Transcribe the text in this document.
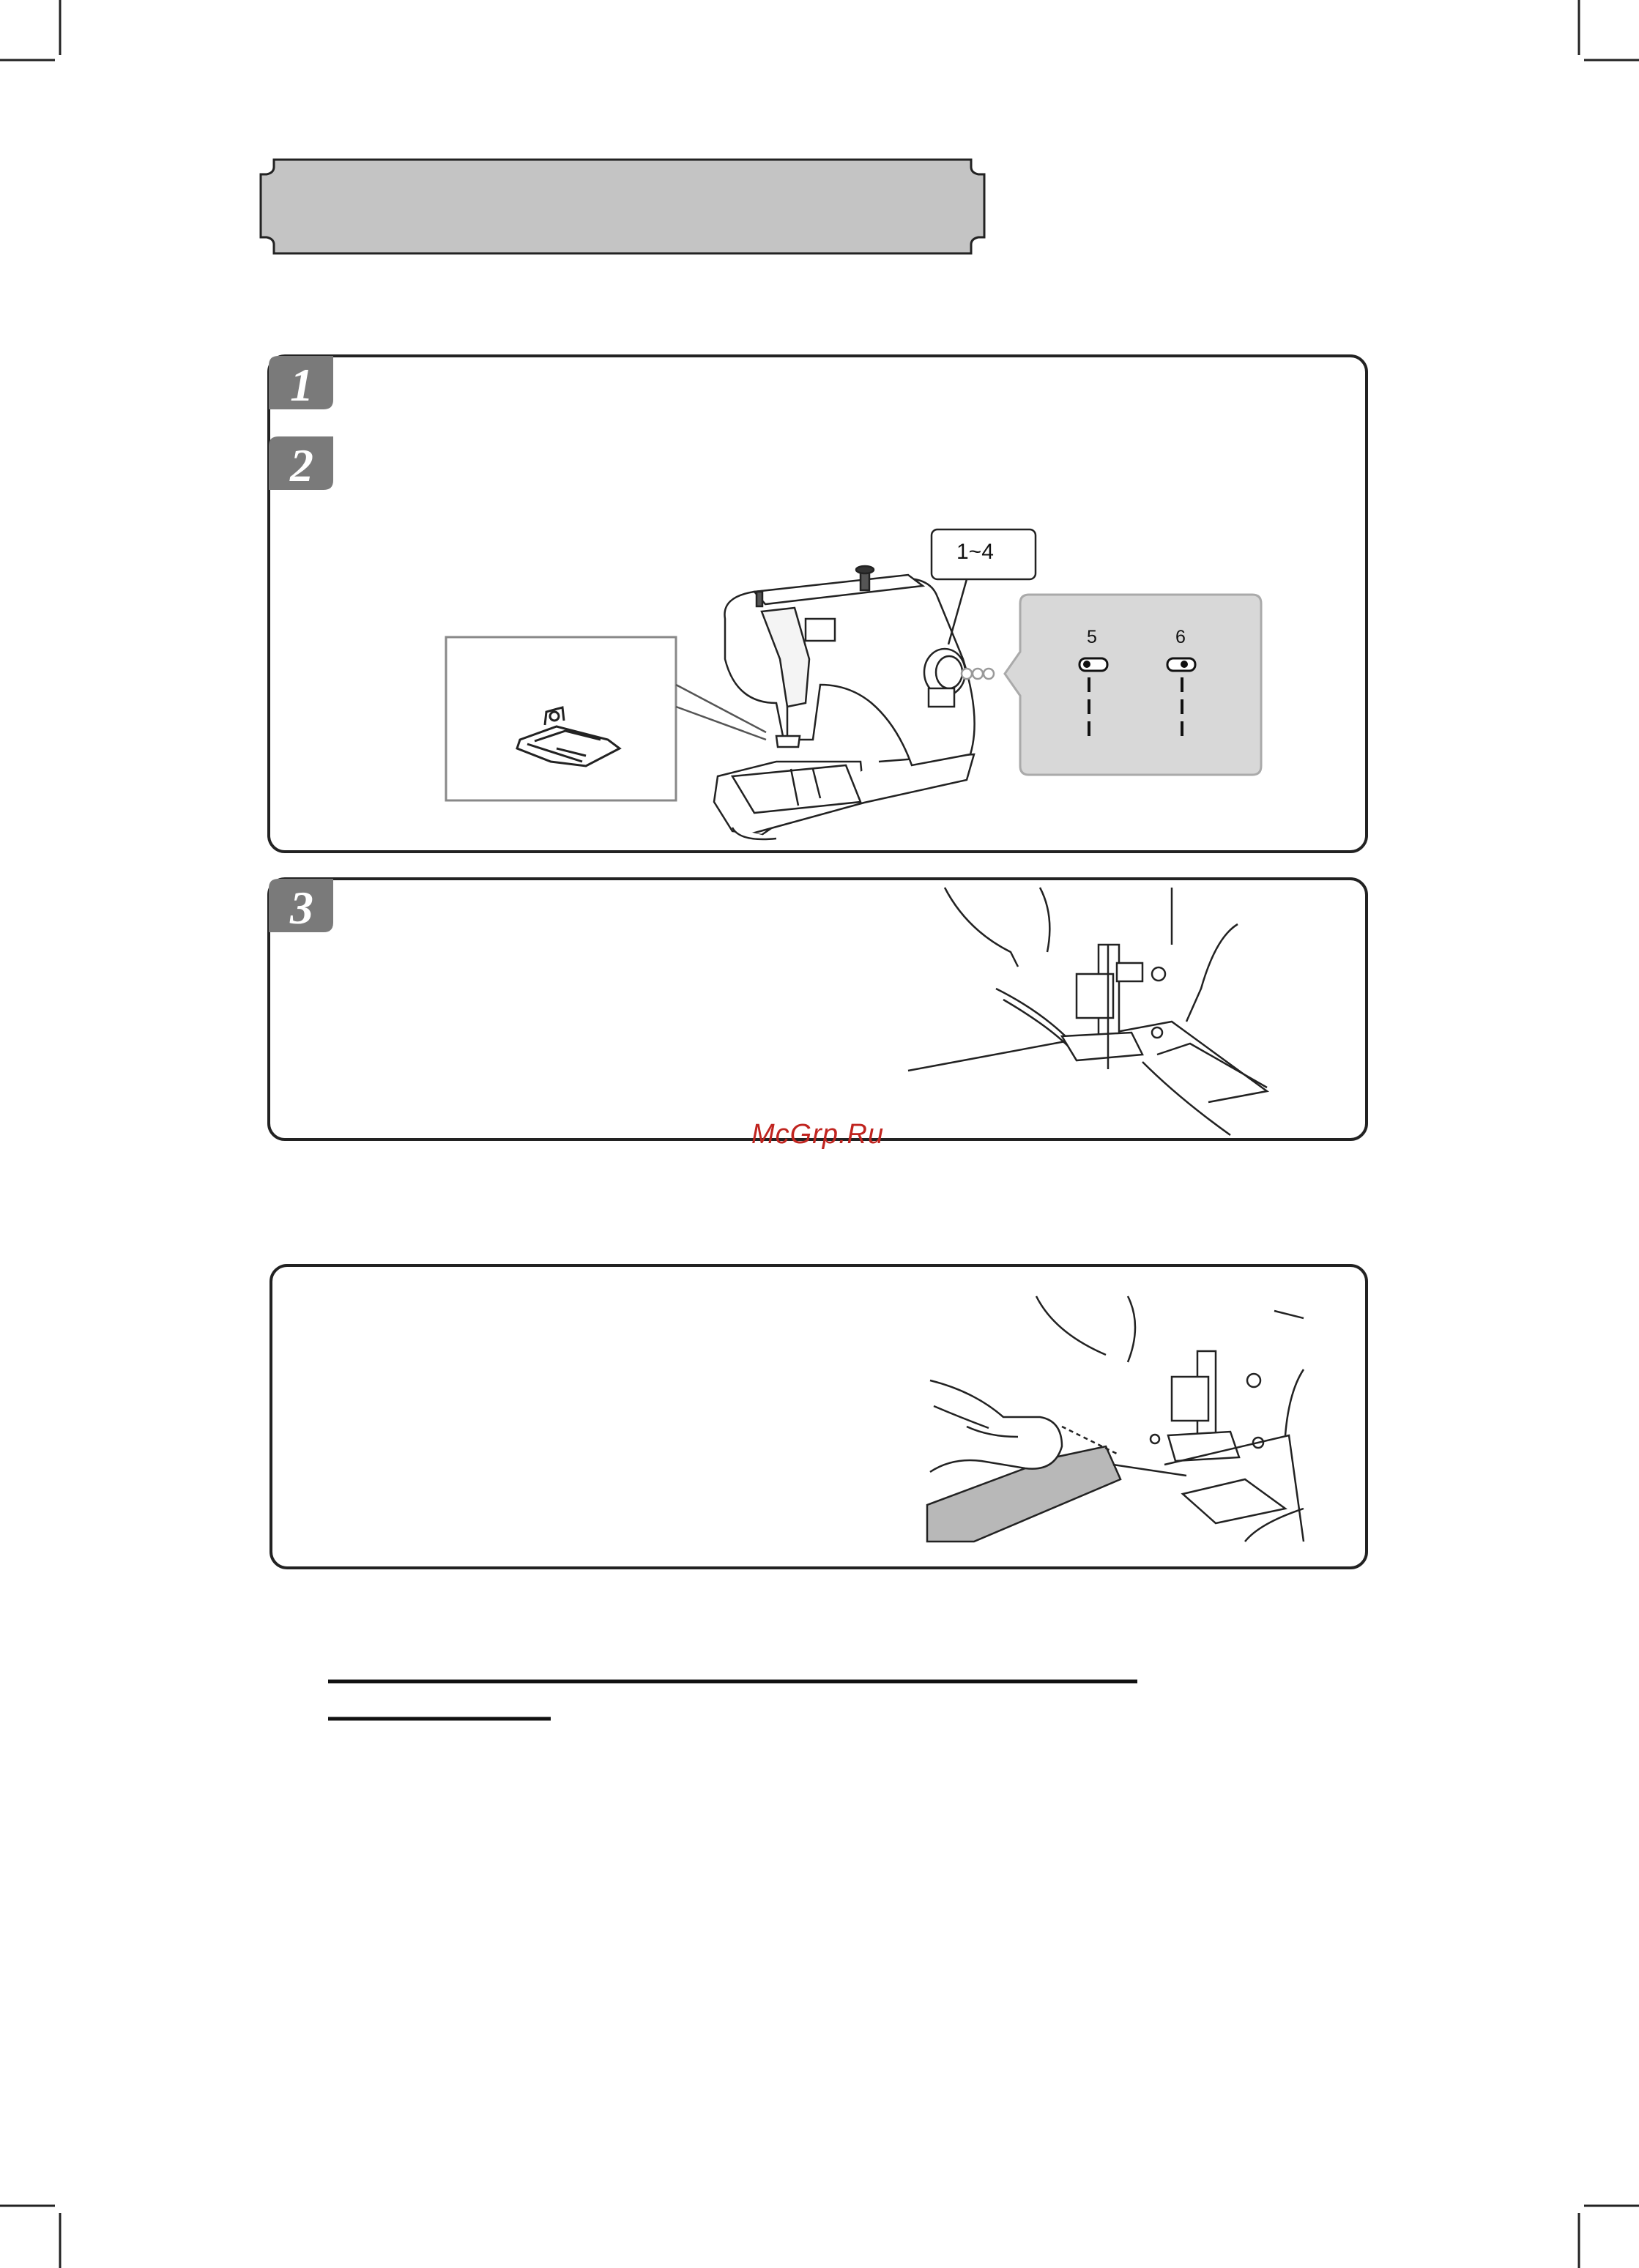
1
2
3
1~4
5	6
McGrp.Ru
